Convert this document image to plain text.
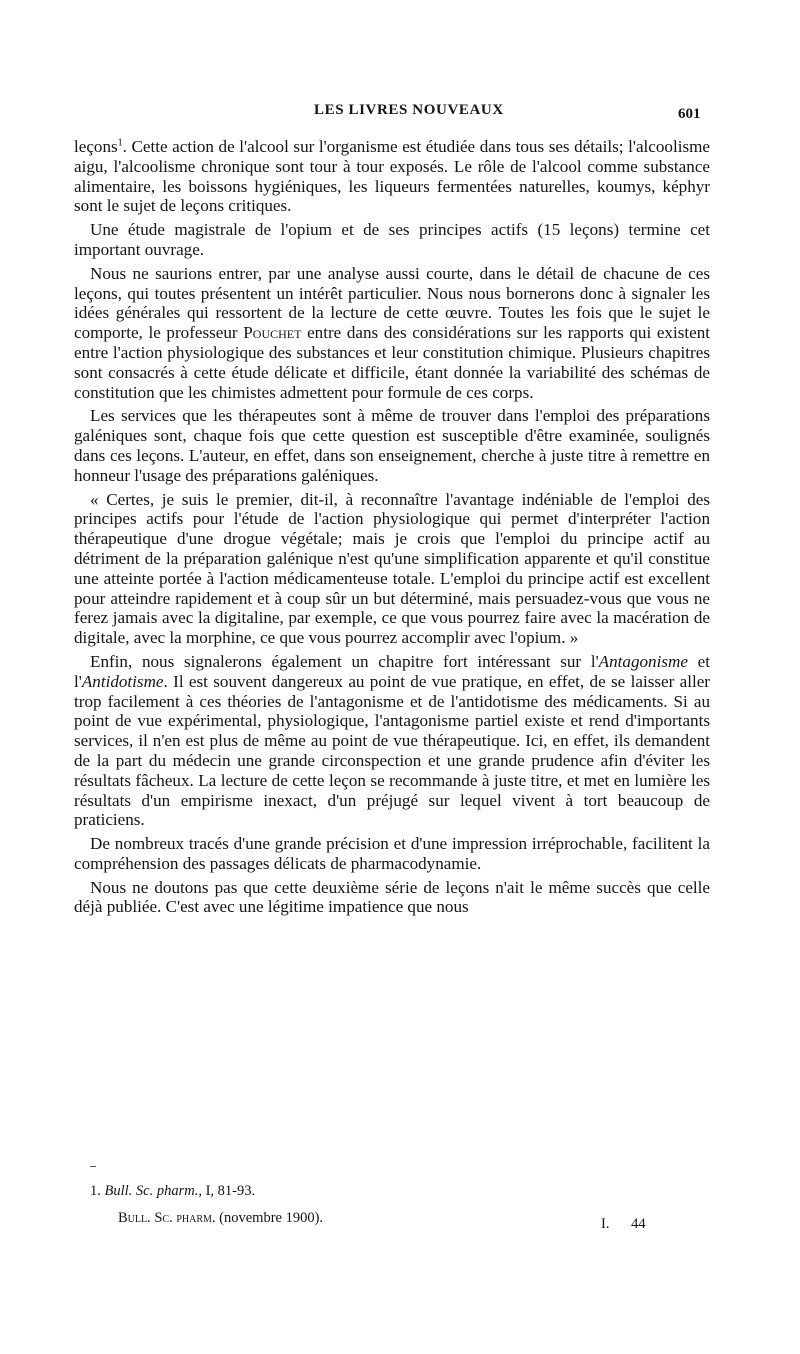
LES LIVRES NOUVEAUX	601

leçons$^1$. Cette action de l'alcool sur l'organisme est étudiée dans tous ses détails; l'alcoolisme aigu, l'alcoolisme chronique sont tour à tour exposés. Le rôle de l'alcool comme substance alimentaire, les boissons hygiéniques, les liqueurs fermentées naturelles, koumys, képhyr sont le sujet de leçons critiques.

Une étude magistrale de l'opium et de ses principes actifs (15 leçons) termine cet important ouvrage.

Nous ne saurions entrer, par une analyse aussi courte, dans le détail de chacune de ces leçons, qui toutes présentent un intérêt particulier. Nous nous bornerons donc à signaler les idées générales qui ressortent de la lecture de cette œuvre. Toutes les fois que le sujet le comporte, le professeur Pouchet entre dans des considérations sur les rapports qui existent entre l'action physiologique des substances et leur constitution chimique. Plusieurs chapitres sont consacrés à cette étude délicate et difficile, étant donnée la variabilité des schémas de constitution que les chimistes admettent pour formule de ces corps.

Les services que les thérapeutes sont à même de trouver dans l'emploi des préparations galéniques sont, chaque fois que cette question est susceptible d'être examinée, soulignés dans ces leçons. L'auteur, en effet, dans son enseignement, cherche à juste titre à remettre en honneur l'usage des préparations galéniques.

« Certes, je suis le premier, dit-il, à reconnaître l'avantage indéniable de l'emploi des principes actifs pour l'étude de l'action physiologique qui permet d'interpréter l'action thérapeutique d'une drogue végétale; mais je crois que l'emploi du principe actif au détriment de la préparation galénique n'est qu'une simplification apparente et qu'il constitue une atteinte portée à l'action médicamenteuse totale. L'emploi du principe actif est excellent pour atteindre rapidement et à coup sûr un but déterminé, mais persuadez-vous que vous ne ferez jamais avec la digitaline, par exemple, ce que vous pourrez faire avec la macération de digitale, avec la morphine, ce que vous pourrez accomplir avec l'opium. »

Enfin, nous signalerons également un chapitre fort intéressant sur l'Antagonisme et l'Antidotisme. Il est souvent dangereux au point de vue pratique, en effet, de se laisser aller trop facilement à ces théories de l'antagonisme et de l'antidotisme des médicaments. Si au point de vue expérimental, physiologique, l'antagonisme partiel existe et rend d'importants services, il n'en est plus de même au point de vue thérapeutique. Ici, en effet, ils demandent de la part du médecin une grande circonspection et une grande prudence afin d'éviter les résultats fâcheux. La lecture de cette leçon se recommande à juste titre, et met en lumière les résultats d'un empirisme inexact, d'un préjugé sur lequel vivent à tort beaucoup de praticiens.

De nombreux tracés d'une grande précision et d'une impression irréprochable, facilitent la compréhension des passages délicats de pharmacodynamie.

Nous ne doutons pas que cette deuxième série de leçons n'ait le même succès que celle déjà publiée. C'est avec une légitime impatience que nous

1. Bull. Sc. pharm., I, 81-93.
Bull. Sc. pharm. (novembre 1900).	I. 44
